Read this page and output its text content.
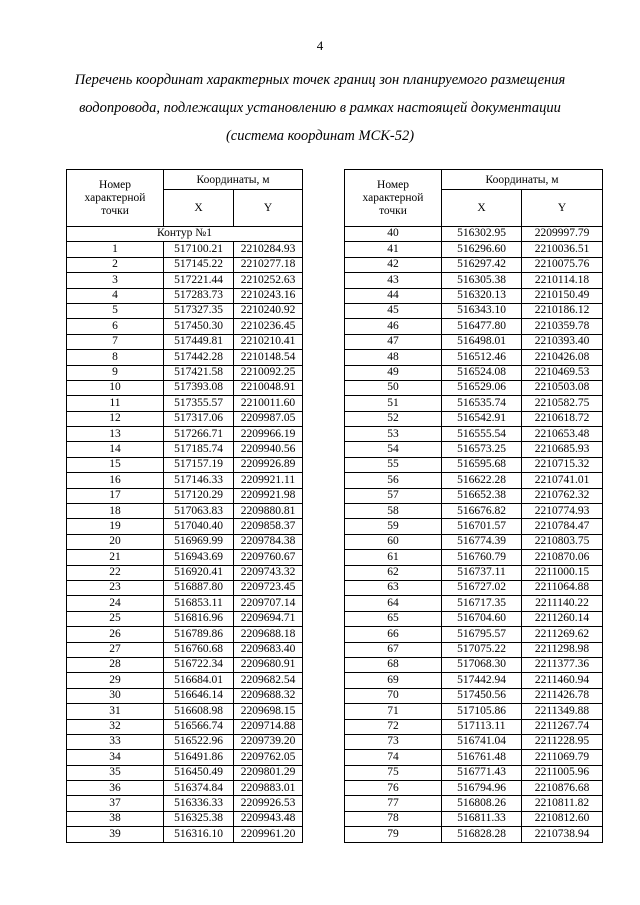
4
Перечень координат характерных точек границ зон планируемого размещения
водопровода, подлежащих установлению в рамках настоящей документации
(система координат МСК-52)
Номер
характерной
точки	Координаты, м	
	X	Y
Контур №1		
1	517100.21	2210284.93
2	517145.22	2210277.18
3	517221.44	2210252.63
4	517283.73	2210243.16
5	517327.35	2210240.92
6	517450.30	2210236.45
7	517449.81	2210210.41
8	517442.28	2210148.54
9	517421.58	2210092.25
10	517393.08	2210048.91
11	517355.57	2210011.60
12	517317.06	2209987.05
13	517266.71	2209966.19
14	517185.74	2209940.56
15	517157.19	2209926.89
16	517146.33	2209921.11
17	517120.29	2209921.98
18	517063.83	2209880.81
19	517040.40	2209858.37
20	516969.99	2209784.38
21	516943.69	2209760.67
22	516920.41	2209743.32
23	516887.80	2209723.45
24	516853.11	2209707.14
25	516816.96	2209694.71
26	516789.86	2209688.18
27	516760.68	2209683.40
28	516722.34	2209680.91
29	516684.01	2209682.54
30	516646.14	2209688.32
31	516608.98	2209698.15
32	516566.74	2209714.88
33	516522.96	2209739.20
34	516491.86	2209762.05
35	516450.49	2209801.29
36	516374.84	2209883.01
37	516336.33	2209926.53
38	516325.38	2209943.48
39	516316.10	2209961.20
Номер
характерной
точки	Координаты, м	
	X	Y
40	516302.95	2209997.79
41	516296.60	2210036.51
42	516297.42	2210075.76
43	516305.38	2210114.18
44	516320.13	2210150.49
45	516343.10	2210186.12
46	516477.80	2210359.78
47	516498.01	2210393.40
48	516512.46	2210426.08
49	516524.08	2210469.53
50	516529.06	2210503.08
51	516535.74	2210582.75
52	516542.91	2210618.72
53	516555.54	2210653.48
54	516573.25	2210685.93
55	516595.68	2210715.32
56	516622.28	2210741.01
57	516652.38	2210762.32
58	516676.82	2210774.93
59	516701.57	2210784.47
60	516774.39	2210803.75
61	516760.79	2210870.06
62	516737.11	2211000.15
63	516727.02	2211064.88
64	516717.35	2211140.22
65	516704.60	2211260.14
66	516795.57	2211269.62
67	517075.22	2211298.98
68	517068.30	2211377.36
69	517442.94	2211460.94
70	517450.56	2211426.78
71	517105.86	2211349.88
72	517113.11	2211267.74
73	516741.04	2211228.95
74	516761.48	2211069.79
75	516771.43	2211005.96
76	516794.96	2210876.68
77	516808.26	2210811.82
78	516811.33	2210812.60
79	516828.28	2210738.94
